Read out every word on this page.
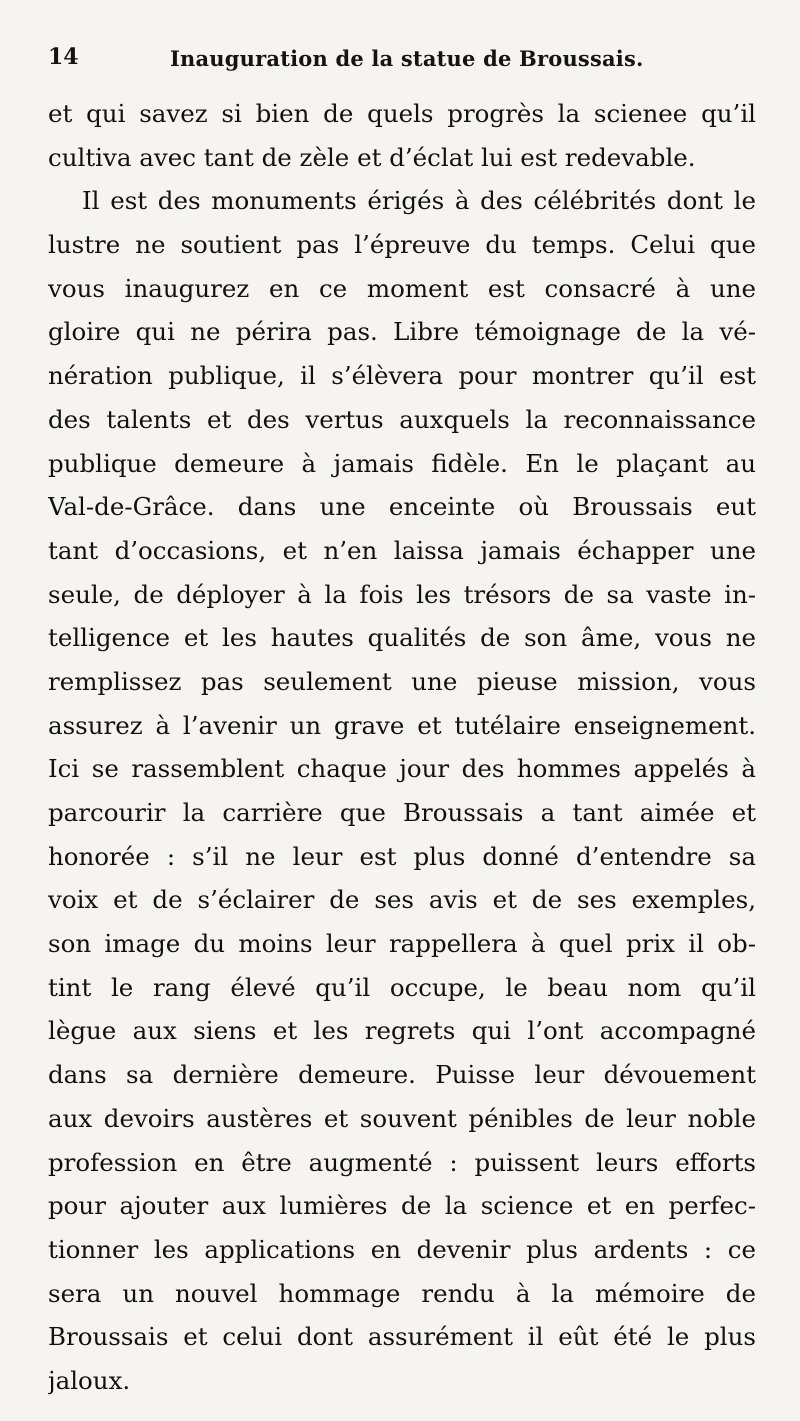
14	Inauguration de la statue de Broussais.
et qui savez si bien de quels progrès la scienee qu’il
cultiva avec tant de zèle et d’éclat lui est redevable.
Il est des monuments érigés à des célébrités dont le
lustre ne soutient pas l’épreuve du temps. Celui que
vous inaugurez en ce moment est consacré à une
gloire qui ne périra pas. Libre témoignage de la vé-
nération publique, il s’élèvera pour montrer qu’il est
des talents et des vertus auxquels la reconnaissance
publique demeure à jamais fidèle. En le plaçant au
Val-de-Grâce. dans une enceinte où Broussais eut
tant d’occasions, et n’en laissa jamais échapper une
seule, de déployer à la fois les trésors de sa vaste in-
telligence et les hautes qualités de son âme, vous ne
remplissez pas seulement une pieuse mission, vous
assurez à l’avenir un grave et tutélaire enseignement.
Ici se rassemblent chaque jour des hommes appelés à
parcourir la carrière que Broussais a tant aimée et
honorée : s’il ne leur est plus donné d’entendre sa
voix et de s’éclairer de ses avis et de ses exemples,
son image du moins leur rappellera à quel prix il ob-
tint le rang élevé qu’il occupe, le beau nom qu’il
lègue aux siens et les regrets qui l’ont accompagné
dans sa dernière demeure. Puisse leur dévouement
aux devoirs austères et souvent pénibles de leur noble
profession en être augmenté : puissent leurs efforts
pour ajouter aux lumières de la science et en perfec-
tionner les applications en devenir plus ardents : ce
sera un nouvel hommage rendu à la mémoire de
Broussais et celui dont assurément il eût été le plus
jaloux.
